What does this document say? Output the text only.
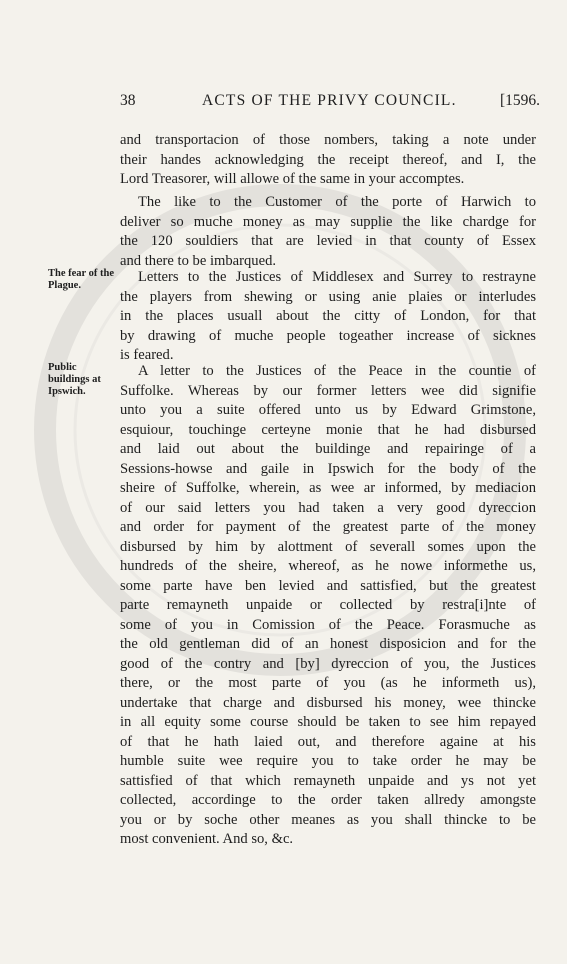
38	ACTS OF THE PRIVY COUNCIL.	[1596.
The fear of the Plague.
Public buildings at Ipswich.
and transportacion of those nombers, taking a note under
their handes acknowledging the receipt thereof, and I, the
Lord Treasorer, will allowe of the same in your accomptes.
The like to the Customer of the porte of Harwich to
deliver so muche money as may supplie the like chardge for
the 120 souldiers that are levied in that county of Essex
and there to be imbarqued.
Letters to the Justices of Middlesex and Surrey to restrayne
the players from shewing or using anie plaies or interludes
in the places usuall about the citty of London, for that
by drawing of muche people togeather increase of sicknes
is feared.
A letter to the Justices of the Peace in the countie of
Suffolke. Whereas by our former letters wee did signifie
unto you a suite offered unto us by Edward Grimstone,
esquiour, touchinge certeyne monie that he had disbursed
and laid out about the buildinge and repairinge of a
Sessions-howse and gaile in Ipswich for the body of the
sheire of Suffolke, wherein, as wee ar informed, by mediacion
of our said letters you had taken a very good dyreccion
and order for payment of the greatest parte of the money
disbursed by him by alottment of severall somes upon the
hundreds of the sheire, whereof, as he nowe informethe us,
some parte have ben levied and sattisfied, but the greatest
parte remayneth unpaide or collected by restra[i]nte of
some of you in Comission of the Peace. Forasmuche as
the old gentleman did of an honest disposicion and for the
good of the contry and [by] dyreccion of you, the Justices
there, or the most parte of you (as he informeth us),
undertake that charge and disbursed his money, wee thincke
in all equity some course should be taken to see him repayed
of that he hath laied out, and therefore againe at his
humble suite wee require you to take order he may be
sattisfied of that which remayneth unpaide and ys not yet
collected, accordinge to the order taken allredy amongste
you or by soche other meanes as you shall thincke to be
most convenient. And so, &c.
